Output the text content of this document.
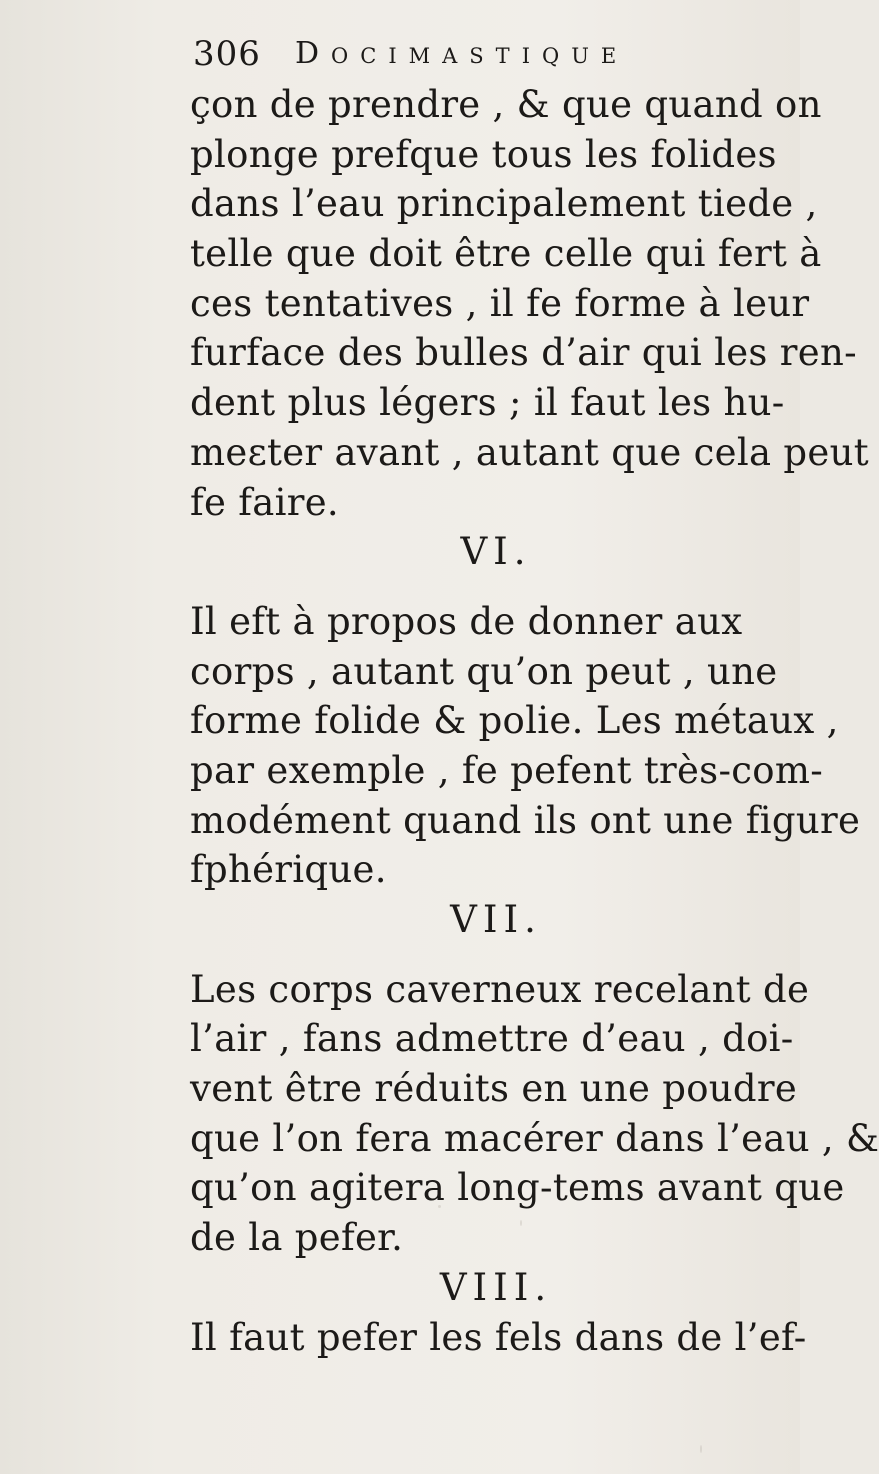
306 Docimastique
çon de prendre , & que quand on
plonge prefque tous les folides
dans l’eau principalement tiede ,
telle que doit être celle qui fert à
ces tentatives , il fe forme à leur
furface des bulles d’air qui les ren-
dent plus légers ; il faut les hu-
meɛter avant , autant que cela peut
fe faire.
VI.
Il eft à propos de donner aux
corps , autant qu’on peut , une
forme folide & polie. Les métaux ,
par exemple , fe pefent très-com-
modément quand ils ont une figure
fphérique.
VII.
Les corps caverneux recelant de
l’air , fans admettre d’eau , doi-
vent être réduits en une poudre
que l’on fera macérer dans l’eau , &
qu’on agitera long-tems avant que
de la pefer.
VIII.
Il faut pefer les fels dans de l’ef-
